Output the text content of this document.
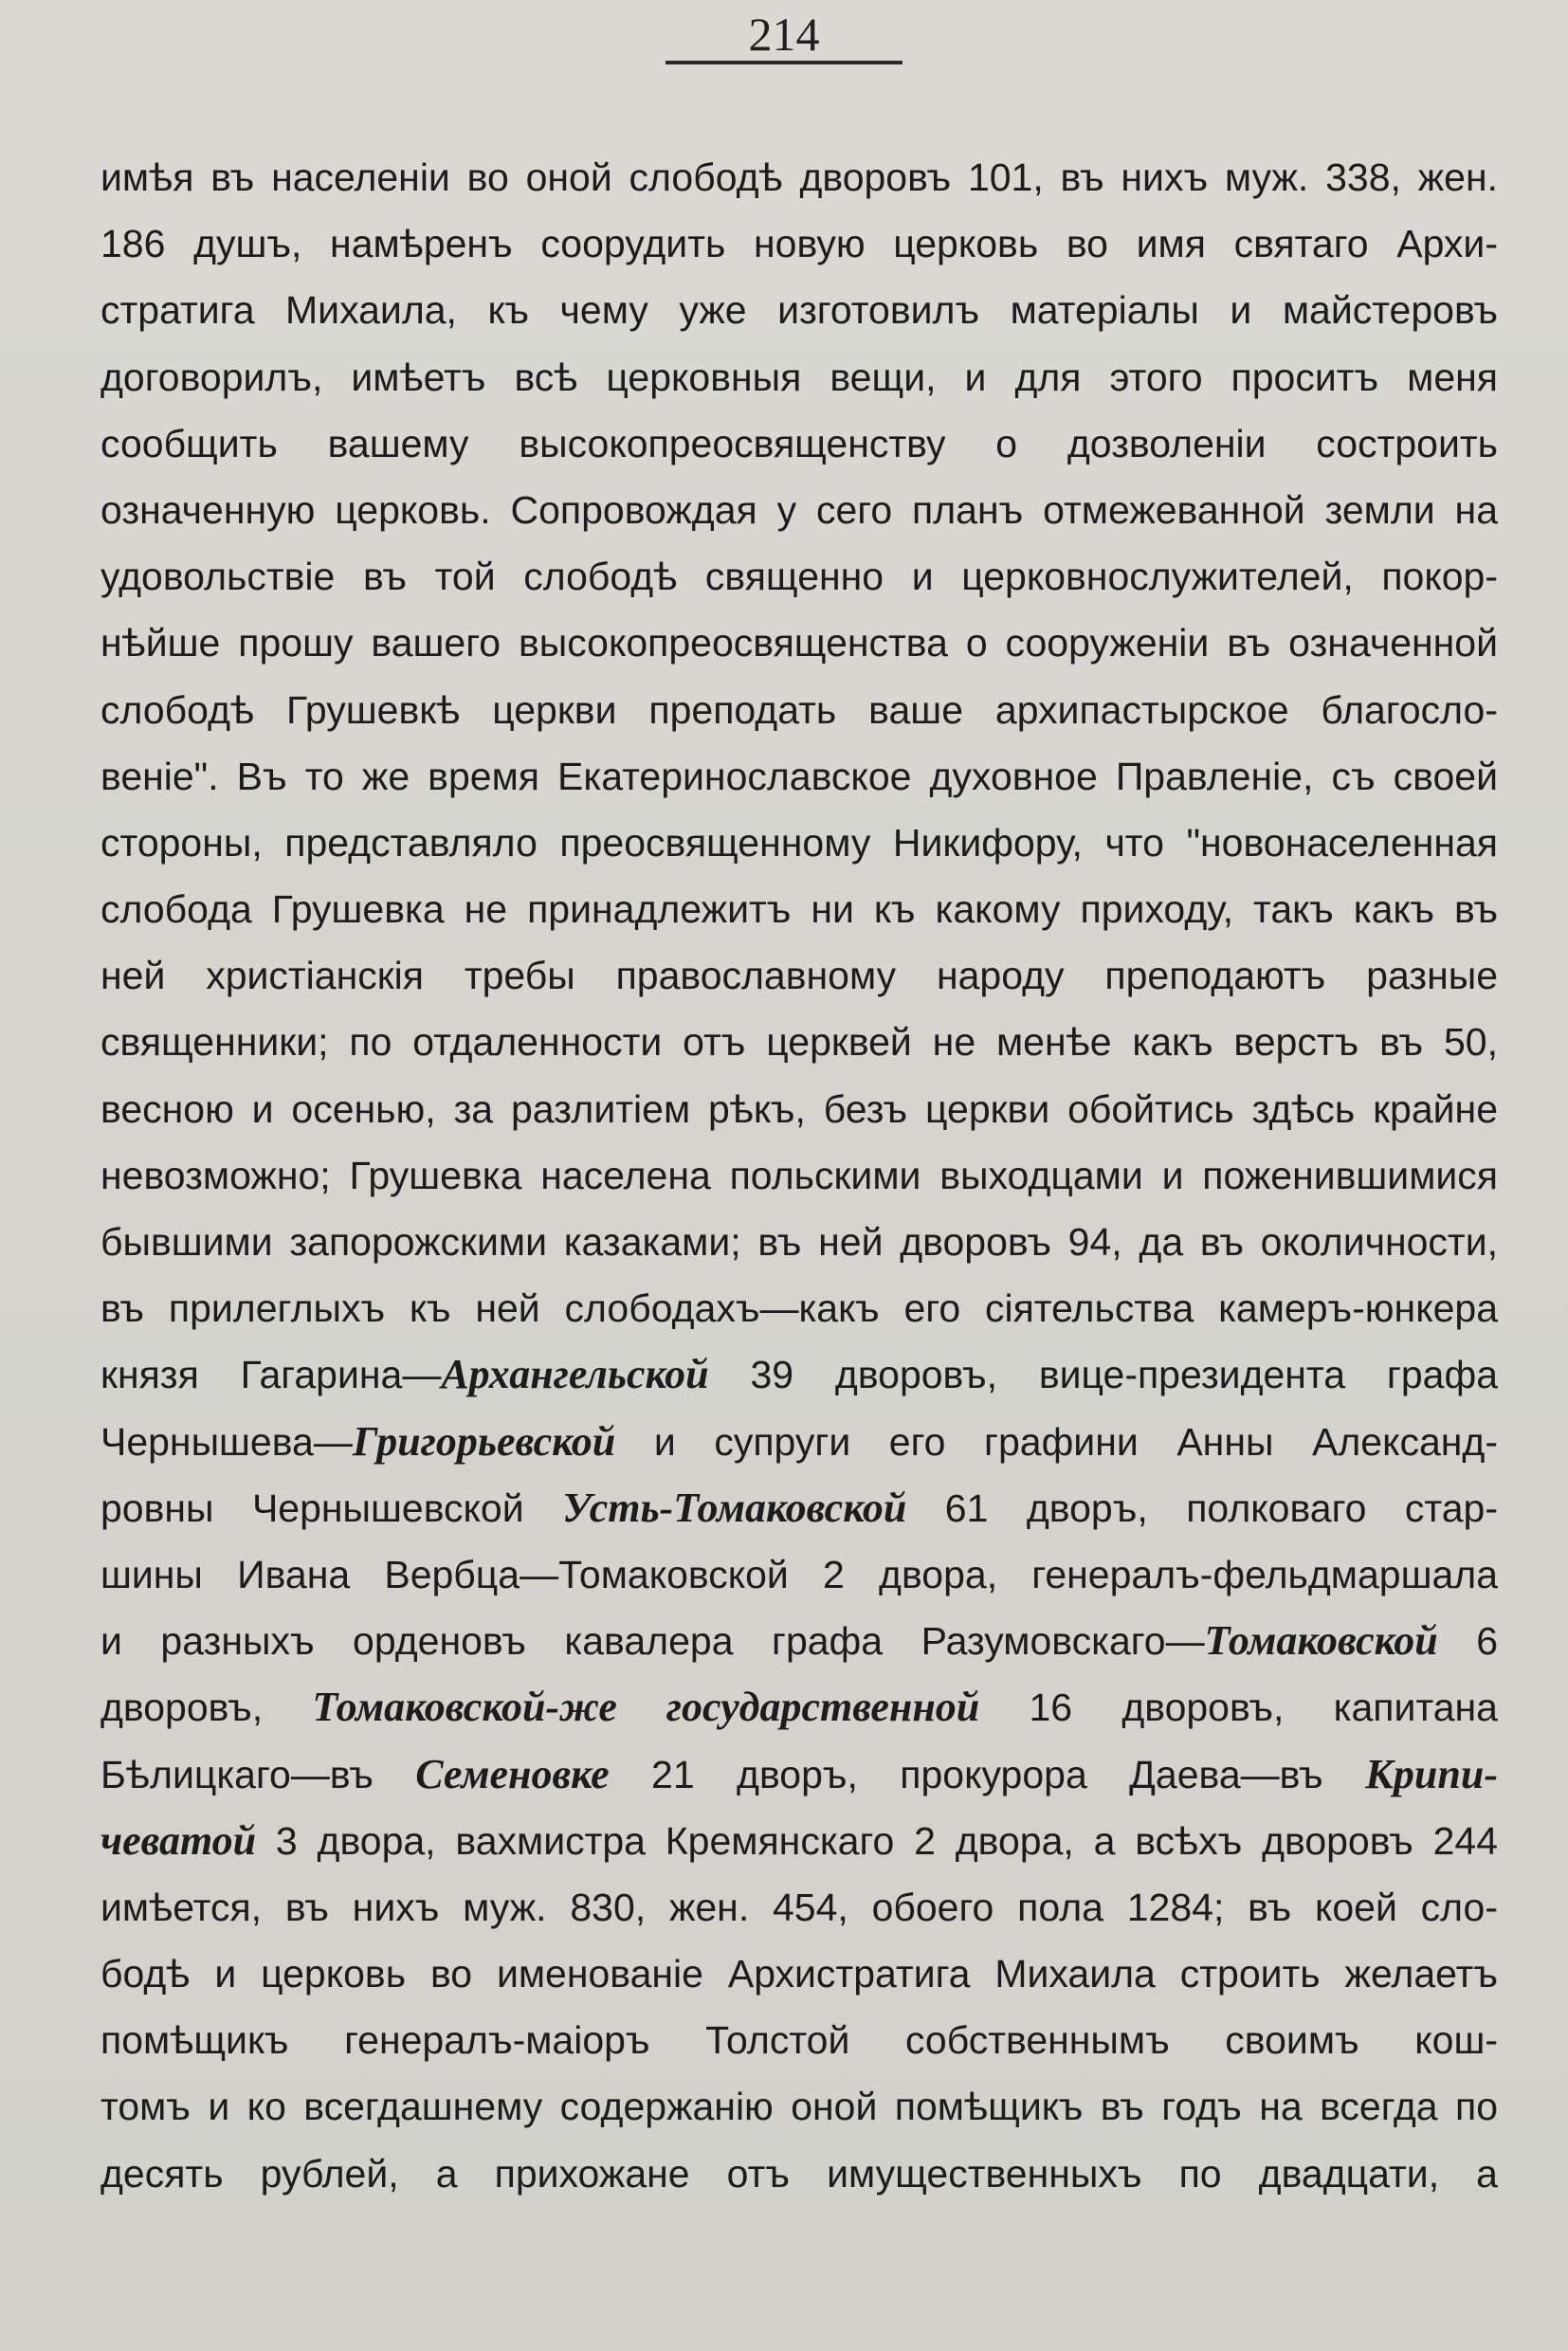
214

имѣя въ населеніи во оной слободѣ дворовъ 101, въ нихъ муж. 338, жен.
186 душъ, намѣренъ соорудить новую церковь во имя святаго Архи-
стратига Михаила, къ чему уже изготовилъ матеріалы и майстеровъ
договорилъ, имѣетъ всѣ церковныя вещи, и для этого проситъ меня
сообщить вашему высокопреосвященству о дозволеніи состроить
означенную церковь. Сопровождая у сего планъ отмежеванной земли на
удовольствіе въ той слободѣ священно и церковнослужителей, покор-
нѣйше прошу вашего высокопреосвященства о сооруженіи въ означенной
слободѣ Грушевкѣ церкви преподать ваше архипастырское благосло-
веніе". Въ то же время Екатеринославское духовное Правленіе, съ своей
стороны, представляло преосвященному Никифору, что "новонаселенная
слобода Грушевка не принадлежитъ ни къ какому приходу, такъ какъ въ
ней христіанскія требы православному народу преподаютъ разные
священники; по отдаленности отъ церквей не менѣе какъ верстъ въ 50,
весною и осенью, за разлитіем рѣкъ, безъ церкви обойтись здѣсь крайне
невозможно; Грушевка населена польскими выходцами и поженившимися
бывшими запорожскими казаками; въ ней дворовъ 94, да въ околичности,
въ прилеглыхъ къ ней слободахъ—какъ его сіятельства камеръ-юнкера
князя Гагарина—Архангельской 39 дворовъ, вице-президента графа
Чернышева—Григорьевской и супруги его графини Анны Александ-
ровны Чернышевской Усть-Томаковской 61 дворъ, полковаго стар-
шины Ивана Вербца—Томаковской 2 двора, генералъ-фельдмаршала
и разныхъ орденовъ кавалера графа Разумовскаго—Томаковской 6
дворовъ, Томаковской-же государственной 16 дворовъ, капитана
Бѣлицкаго—въ Семеновке 21 дворъ, прокурора Даева—въ Крипи-
чеватой 3 двора, вахмистра Кремянскаго 2 двора, а всѣхъ дворовъ 244
имѣется, въ нихъ муж. 830, жен. 454, обоего пола 1284; въ коей сло-
бодѣ и церковь во именованіе Архистратига Михаила строить желаетъ
помѣщикъ генералъ-маіоръ Толстой собственнымъ своимъ кош-
томъ и ко всегдашнему содержанію оной помѣщикъ въ годъ на всегда по
десять рублей, а прихожане отъ имущественныхъ по двадцати, а
